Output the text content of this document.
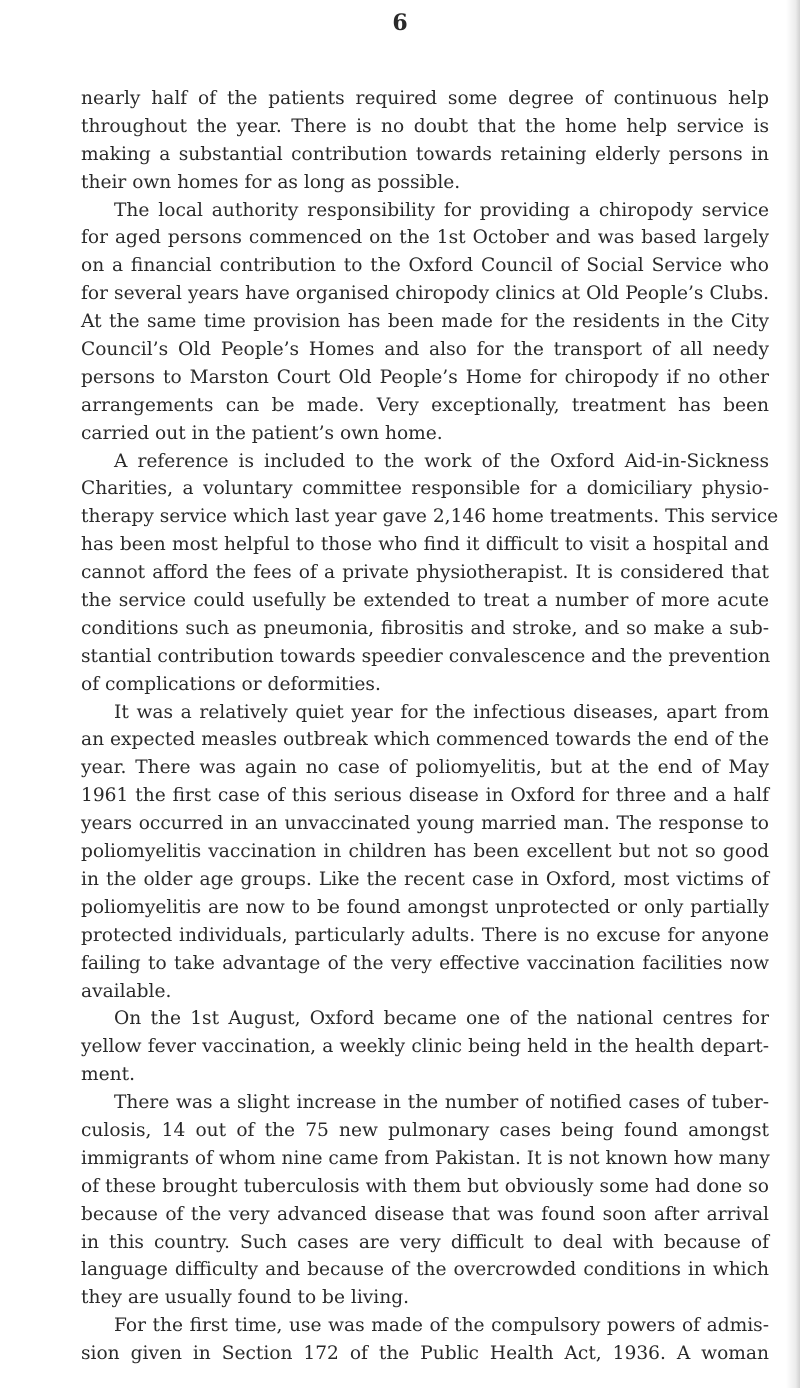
6
nearly half of the patients required some degree of continuous help
throughout the year. There is no doubt that the home help service is
making a substantial contribution towards retaining elderly persons in
their own homes for as long as possible.
The local authority responsibility for providing a chiropody service
for aged persons commenced on the 1st October and was based largely
on a financial contribution to the Oxford Council of Social Service who
for several years have organised chiropody clinics at Old People’s Clubs.
At the same time provision has been made for the residents in the City
Council’s Old People’s Homes and also for the transport of all needy
persons to Marston Court Old People’s Home for chiropody if no other
arrangements can be made. Very exceptionally, treatment has been
carried out in the patient’s own home.
A reference is included to the work of the Oxford Aid-in-Sickness
Charities, a voluntary committee responsible for a domiciliary physio-
therapy service which last year gave 2,146 home treatments. This service
has been most helpful to those who find it difficult to visit a hospital and
cannot afford the fees of a private physiotherapist. It is considered that
the service could usefully be extended to treat a number of more acute
conditions such as pneumonia, fibrositis and stroke, and so make a sub-
stantial contribution towards speedier convalescence and the prevention
of complications or deformities.
It was a relatively quiet year for the infectious diseases, apart from
an expected measles outbreak which commenced towards the end of the
year. There was again no case of poliomyelitis, but at the end of May
1961 the first case of this serious disease in Oxford for three and a half
years occurred in an unvaccinated young married man. The response to
poliomyelitis vaccination in children has been excellent but not so good
in the older age groups. Like the recent case in Oxford, most victims of
poliomyelitis are now to be found amongst unprotected or only partially
protected individuals, particularly adults. There is no excuse for anyone
failing to take advantage of the very effective vaccination facilities now
available.
On the 1st August, Oxford became one of the national centres for
yellow fever vaccination, a weekly clinic being held in the health depart-
ment.
There was a slight increase in the number of notified cases of tuber-
culosis, 14 out of the 75 new pulmonary cases being found amongst
immigrants of whom nine came from Pakistan. It is not known how many
of these brought tuberculosis with them but obviously some had done so
because of the very advanced disease that was found soon after arrival
in this country. Such cases are very difficult to deal with because of
language difficulty and because of the overcrowded conditions in which
they are usually found to be living.
For the first time, use was made of the compulsory powers of admis-
sion given in Section 172 of the Public Health Act, 1936. A woman
